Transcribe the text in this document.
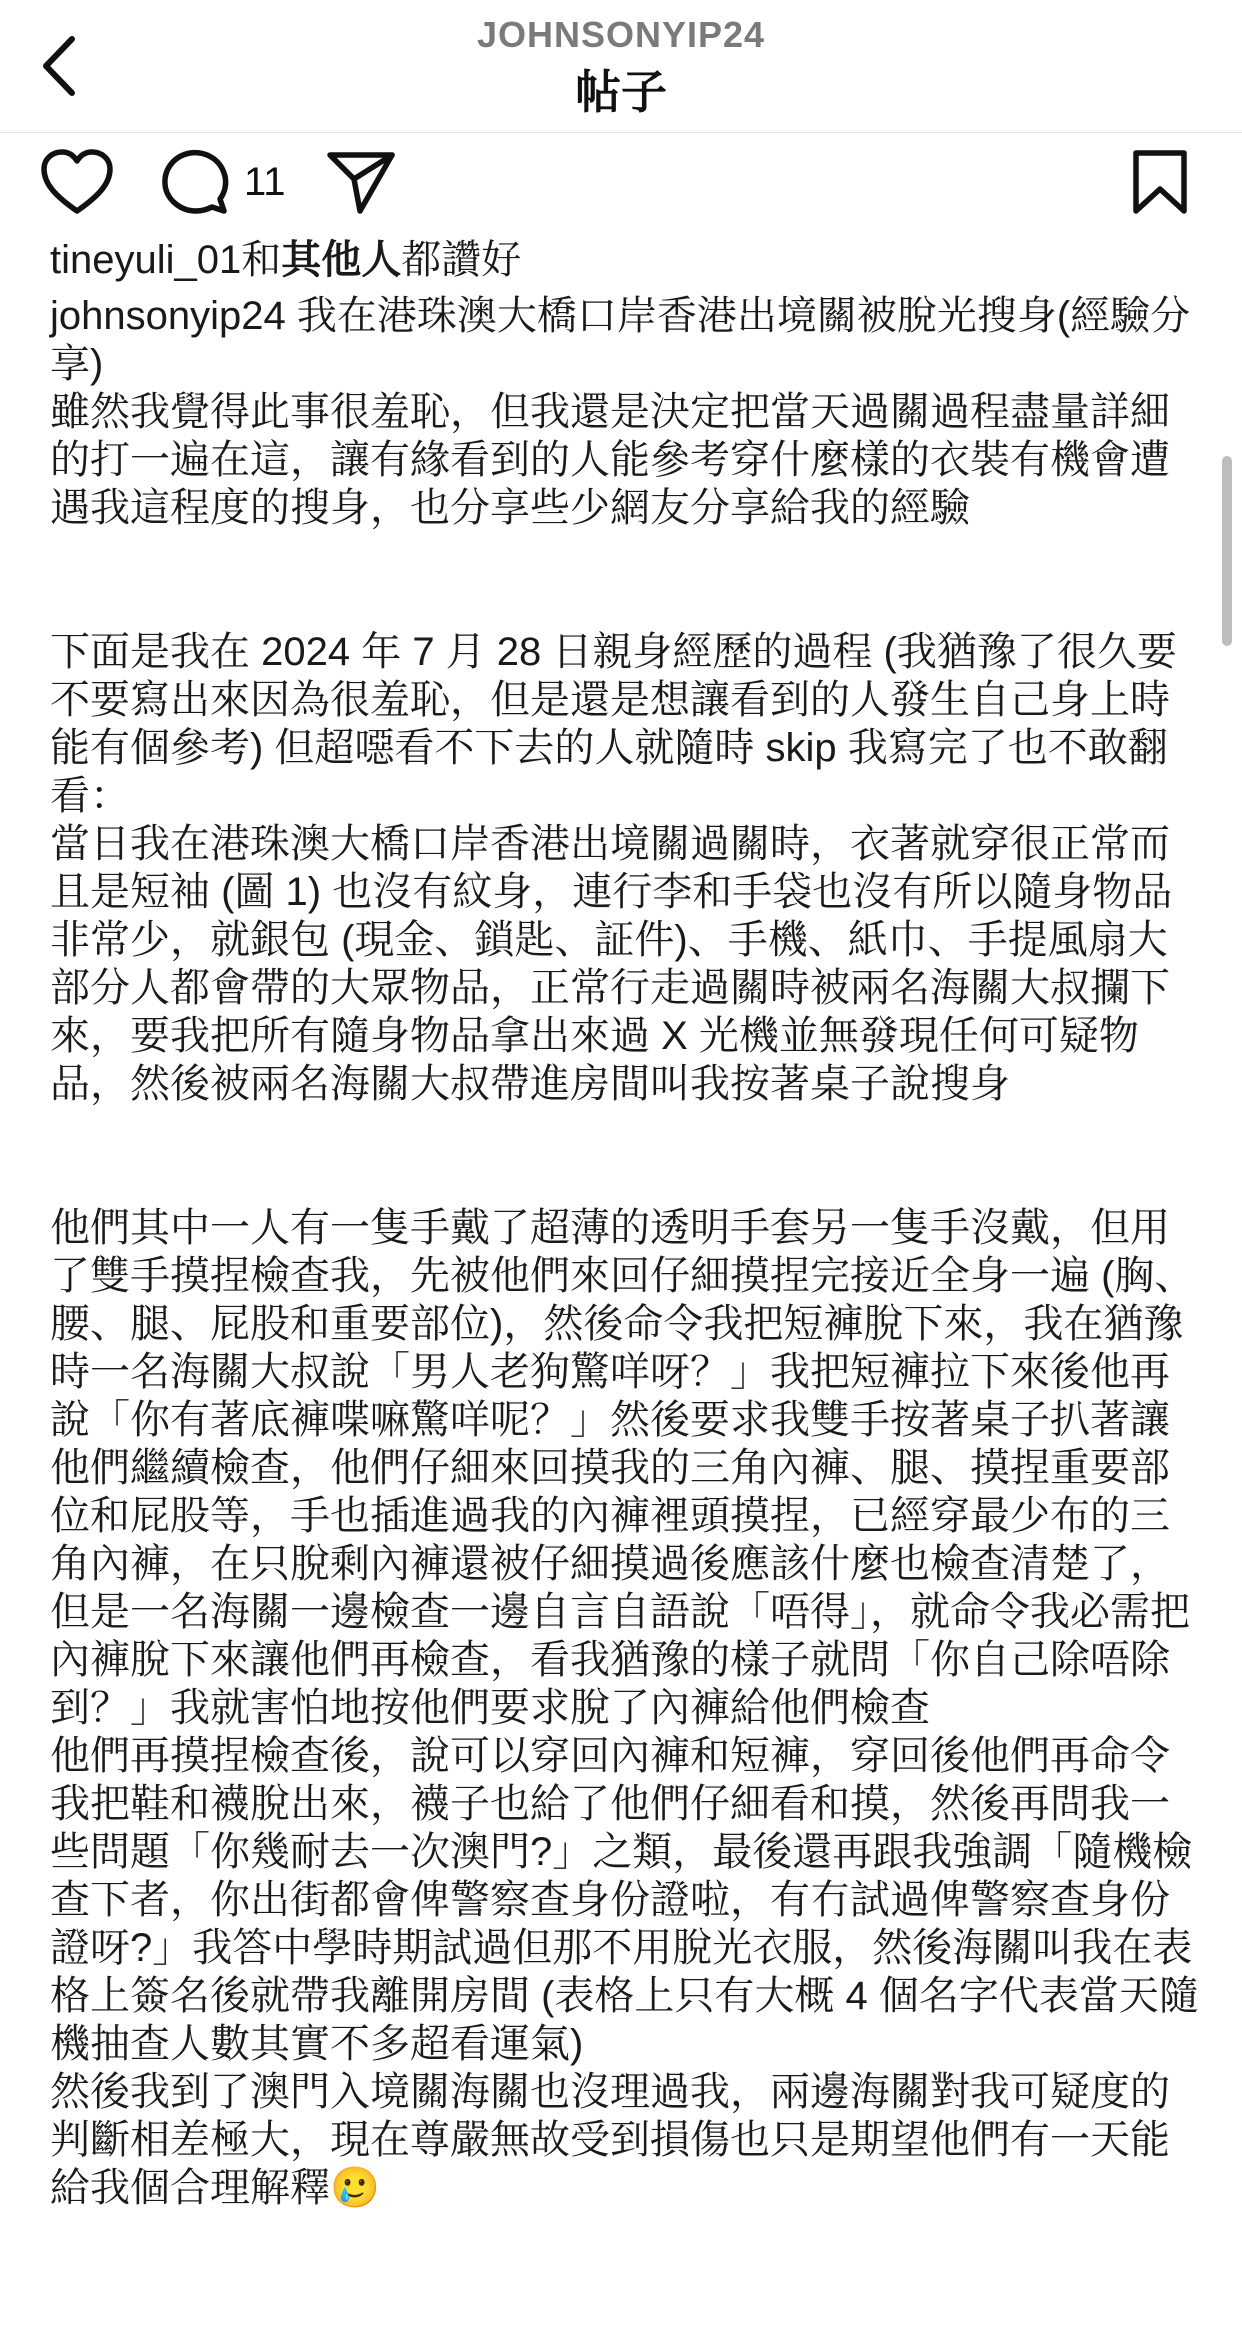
JOHNSONYIP24
帖子
11
tineyuli_01和其他人都讚好

johnsonyip24 我在港珠澳大橋口岸香港出境關被脫光搜身(經驗分享)

雖然我覺得此事很羞恥，但我還是決定把當天過關過程盡量詳細的打一遍在這，讓有緣看到的人能參考穿什麼樣的衣裝有機會遭遇我這程度的搜身，也分享些少網友分享給我的經驗

下面是我在 2024 年 7 月 28 日親身經歷的過程 (我猶豫了很久要不要寫出來因為很羞恥，但是還是想讓看到的人發生自己身上時能有個參考) 但超噁看不下去的人就隨時 skip 我寫完了也不敢翻看：

當日我在港珠澳大橋口岸香港出境關過關時，衣著就穿很正常而且是短袖 (圖 1) 也沒有紋身，連行李和手袋也沒有所以隨身物品非常少，就銀包 (現金、鎖匙、証件)、手機、紙巾、手提風扇大部分人都會帶的大眾物品，正常行走過關時被兩名海關大叔攔下來，要我把所有隨身物品拿出來過 X 光機並無發現任何可疑物品，然後被兩名海關大叔帶進房間叫我按著桌子說搜身

他們其中一人有一隻手戴了超薄的透明手套另一隻手沒戴，但用了雙手摸捏檢查我，先被他們來回仔細摸捏完接近全身一遍 (胸、腰、腿、屁股和重要部位)，然後命令我把短褲脫下來，我在猶豫時一名海關大叔說「男人老狗驚咩呀？」我把短褲拉下來後他再說「你有著底褲喋嘛驚咩呢？」然後要求我雙手按著桌子扒著讓他們繼續檢查，他們仔細來回摸我的三角內褲、腿、摸捏重要部位和屁股等，手也插進過我的內褲裡頭摸捏，已經穿最少布的三角內褲，在只脫剩內褲還被仔細摸過後應該什麼也檢查清楚了，但是一名海關一邊檢查一邊自言自語說「唔得」，就命令我必需把內褲脫下來讓他們再檢查，看我猶豫的樣子就問「你自己除唔除到？」我就害怕地按他們要求脫了內褲給他們檢查

他們再摸捏檢查後，說可以穿回內褲和短褲，穿回後他們再命令我把鞋和襪脫出來，襪子也給了他們仔細看和摸，然後再問我一些問題「你幾耐去一次澳門?」之類，最後還再跟我強調「隨機檢查下者，你出街都會俾警察查身份證啦，有冇試過俾警察查身份證呀?」我答中學時期試過但那不用脫光衣服，然後海關叫我在表格上簽名後就帶我離開房間 (表格上只有大概 4 個名字代表當天隨機抽查人數其實不多超看運氣)

然後我到了澳門入境關海關也沒理過我，兩邊海關對我可疑度的判斷相差極大，現在尊嚴無故受到損傷也只是期望他們有一天能給我個合理解釋🥲
